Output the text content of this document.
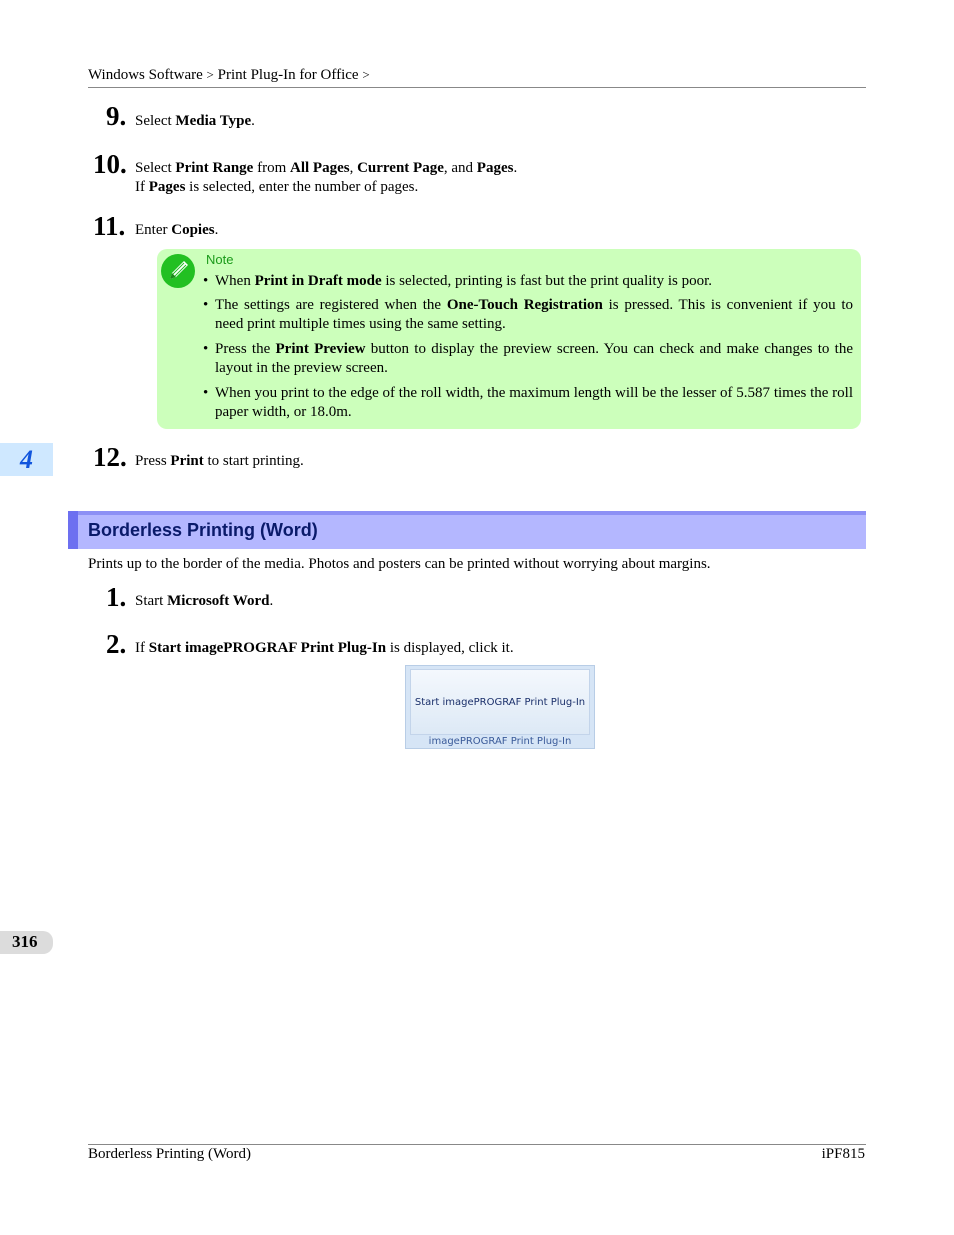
Windows Software > Print Plug-In for Office >
9. Select Media Type.
10. Select Print Range from All Pages, Current Page, and Pages.
If Pages is selected, enter the number of pages.
11. Enter Copies.
Note
• When Print in Draft mode is selected, printing is fast but the print quality is poor.
• The settings are registered when the One-Touch Registration is pressed. This is convenient if you to need print multiple times using the same setting.
• Press the Print Preview button to display the preview screen. You can check and make changes to the layout in the preview screen.
• When you print to the edge of the roll width, the maximum length will be the lesser of 5.587 times the roll paper width, or 18.0m.
4	12. Press Print to start printing.
Borderless Printing (Word)
Prints up to the border of the media. Photos and posters can be printed without worrying about margins.
1. Start Microsoft Word.
2. If Start imagePROGRAF Print Plug-In is displayed, click it.
Start imagePROGRAF Print Plug-In
imagePROGRAF Print Plug-In
316
Borderless Printing (Word)	iPF815
